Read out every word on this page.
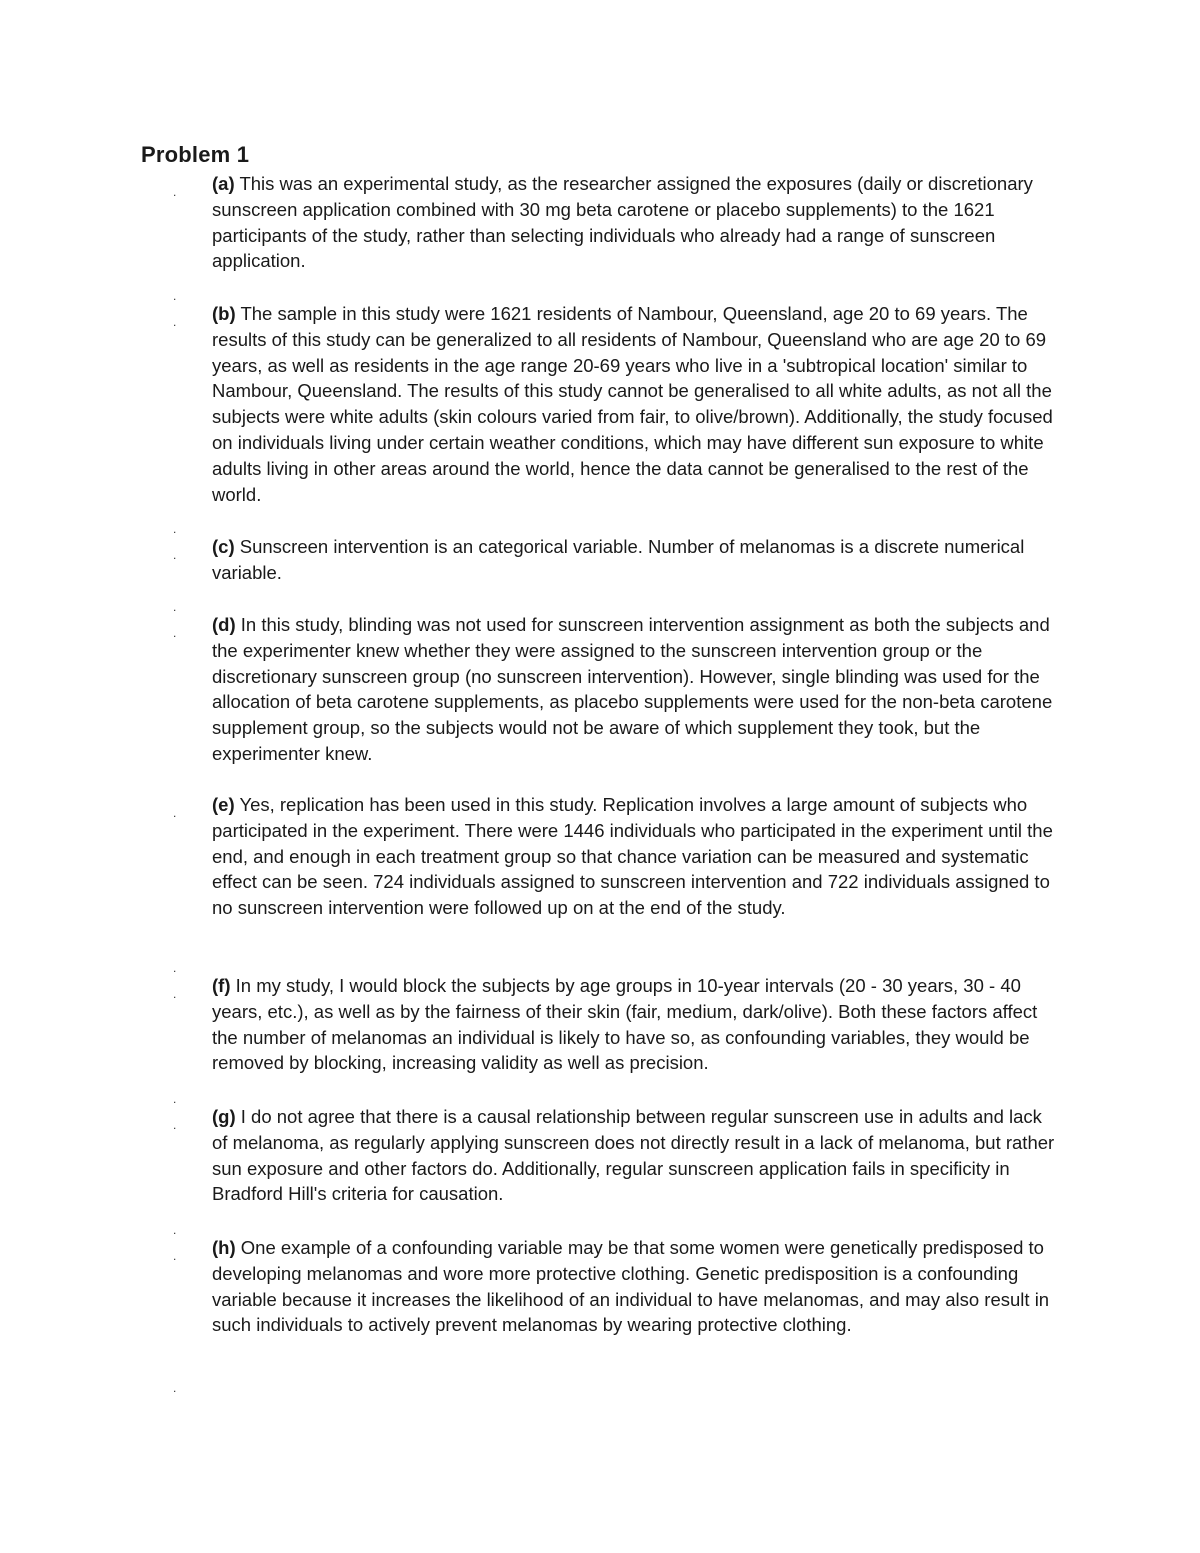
Problem 1
.
.
.
.
.
.
.
.
.
.
.
.
.
.
.

(a) This was an experimental study, as the researcher assigned the exposures (daily or discretionary sunscreen application combined with 30 mg beta carotene or placebo supplements) to the 1621 participants of the study, rather than selecting individuals who already had a range of sunscreen application.

(b) The sample in this study were 1621 residents of Nambour, Queensland, age 20 to 69 years. The results of this study can be generalized to all residents of Nambour, Queensland who are age 20 to 69 years, as well as residents in the age range 20-69 years who live in a 'subtropical location' similar to Nambour, Queensland. The results of this study cannot be generalised to all white adults, as not all the subjects were white adults (skin colours varied from fair, to olive/brown). Additionally, the study focused on individuals living under certain weather conditions, which may have different sun exposure to white adults living in other areas around the world, hence the data cannot be generalised to the rest of the world.

(c) Sunscreen intervention is an categorical variable. Number of melanomas is a discrete numerical variable.

(d) In this study, blinding was not used for sunscreen intervention assignment as both the subjects and the experimenter knew whether they were assigned to the sunscreen intervention group or the discretionary sunscreen group (no sunscreen intervention). However, single blinding was used for the allocation of beta carotene supplements, as placebo supplements were used for the non-beta carotene supplement group, so the subjects would not be aware of which supplement they took, but the experimenter knew.

(e) Yes, replication has been used in this study. Replication involves a large amount of subjects who participated in the experiment. There were 1446 individuals who participated in the experiment until the end, and enough in each treatment group so that chance variation can be measured and systematic effect can be seen. 724 individuals assigned to sunscreen intervention and 722 individuals assigned to no sunscreen intervention were followed up on at the end of the study.

(f) In my study, I would block the subjects by age groups in 10-year intervals (20 - 30 years, 30 - 40 years, etc.), as well as by the fairness of their skin (fair, medium, dark/olive). Both these factors affect the number of melanomas an individual is likely to have so, as confounding variables, they would be removed by blocking, increasing validity as well as precision.

(g) I do not agree that there is a causal relationship between regular sunscreen use in adults and lack of melanoma, as regularly applying sunscreen does not directly result in a lack of melanoma, but rather sun exposure and other factors do. Additionally, regular sunscreen application fails in specificity in Bradford Hill's criteria for causation.

(h) One example of a confounding variable may be that some women were genetically predisposed to developing melanomas and wore more protective clothing. Genetic predisposition is a confounding variable because it increases the likelihood of an individual to have melanomas, and may also result in such individuals to actively prevent melanomas by wearing protective clothing.
